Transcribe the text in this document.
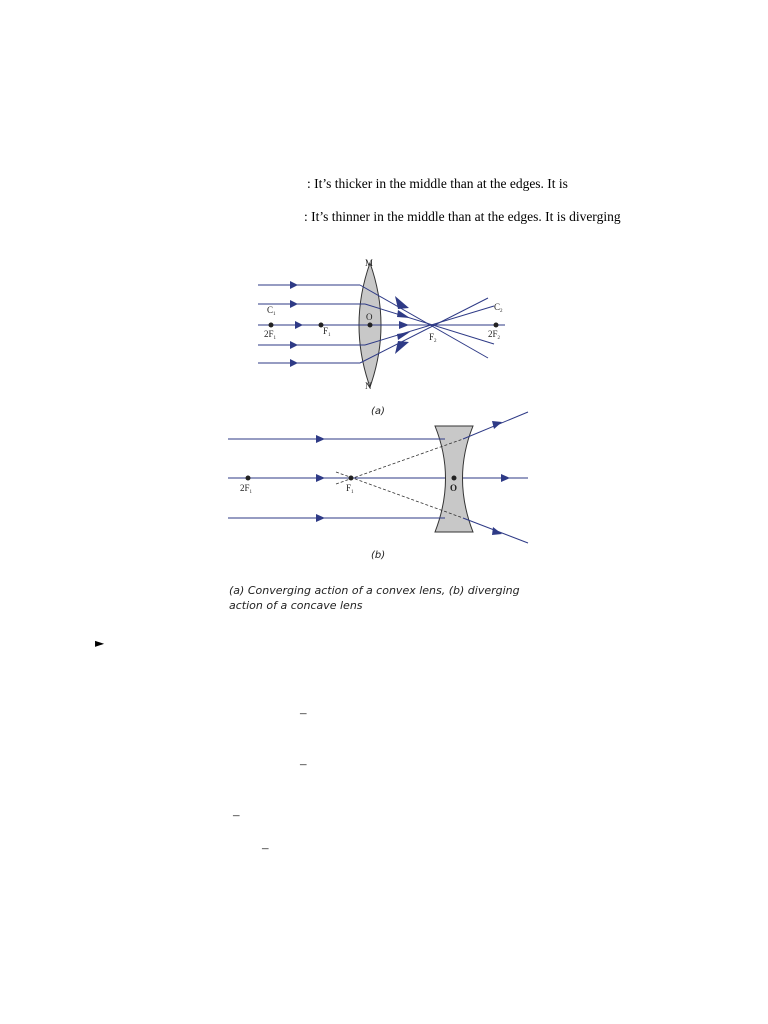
: It’s thicker in the middle than at the edges. It is
: It’s thinner in the middle than at the edges. It is diverging
M
N
O
$C_1$
$2F_1$
$F_1$	$F_2$
$C_2$
$2F_2$
(a)
$2F_1$	$F_1$	O
(b)
(a) Converging action of a convex lens, (b) diverging
action of a concave lens
►
–
–
–
–
